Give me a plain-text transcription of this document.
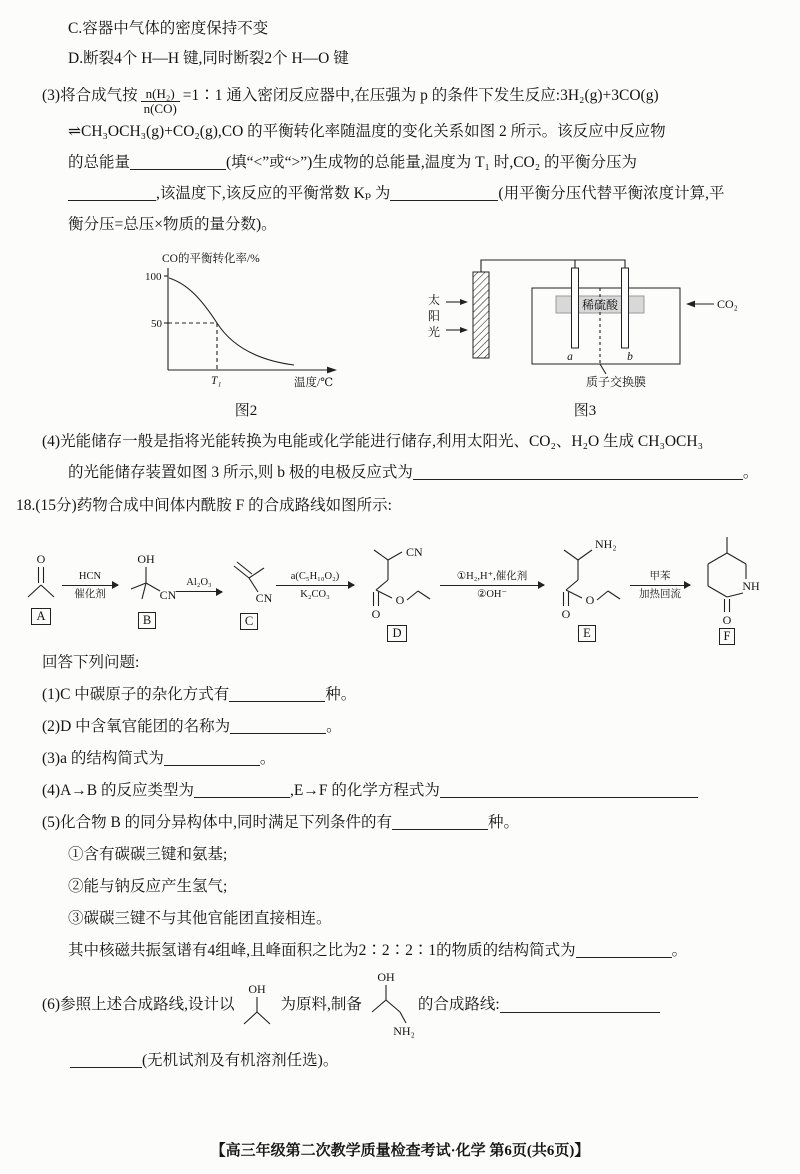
C.容器中气体的密度保持不变
D.断裂4个 H—H 键,同时断裂2个 H—O 键
(3)将合成气按 $\frac{\text{n(H₂)}}{n(CO)}$ =1∶1 通入密闭反应器中,在压强为 p 的条件下发生反应:3H₂(g)+3CO(g)
⇌CH₃OCH₃(g)+CO₂(g),CO 的平衡转化率随温度的变化关系如图 2 所示。该反应中反应物
的总能量	(填“<”或“>”)生成物的总能量,温度为 T₁ 时,CO₂ 的平衡分压为
,该温度下,该反应的平衡常数 Kₚ 为	(用平衡分压代替平衡浓度计算,平
衡分压=总压×物质的量分数)。
CO的平衡转化率/%
100
50
T₁	温度/℃
图2
太
阳
光
稀硫酸
a	b
CO₂
质子交换膜
图3
(4)光能储存一般是指将光能转换为电能或化学能进行储存,利用太阳光、CO₂、H₂O 生成 CH₃OCH₃
的光能储存装置如图 3 所示,则 b 极的电极反应式为	。
18.(15分)药物合成中间体内酰胺 F 的合成路线如图所示:
O
A
HCN
催化剂
OH
CN
B
Al₂O₃
CN
C
a(C₅H₁₀O₂)
K₂CO₃
CN
O
O
D
①H₂,H⁺,催化剂
②OH⁻
NH₂
O
O
E
甲苯
加热回流
NH
O
F
回答下列问题:
(1)C 中碳原子的杂化方式有	种。
(2)D 中含氧官能团的名称为	。
(3)a 的结构简式为	。
(4)A→B 的反应类型为	,E→F 的化学方程式为
(5)化合物 B 的同分异构体中,同时满足下列条件的有	种。
①含有碳碳三键和氨基;
②能与钠反应产生氢气;
③碳碳三键不与其他官能团直接相连。
其中核磁共振氢谱有4组峰,且峰面积之比为2∶2∶2∶1的物质的结构简式为	。
(6)参照上述合成路线,设计以
OH
为原料,制备
OH
NH₂
的合成路线:
(无机试剂及有机溶剂任选)。
【高三年级第二次教学质量检查考试·化学 第6页(共6页)】
